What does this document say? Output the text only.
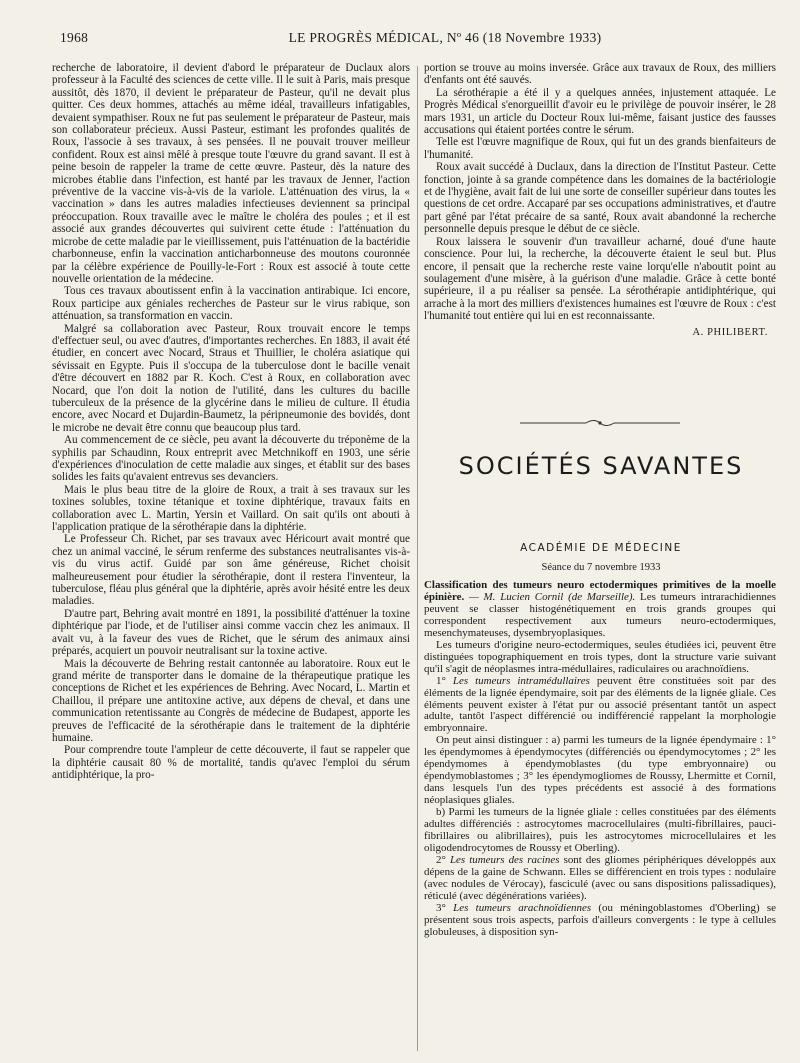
1968	LE PROGRÈS MÉDICAL, Nº 46 (18 Novembre 1933)

recherche de laboratoire, il devient d'abord le préparateur de Duclaux alors professeur à la Faculté des sciences de cette ville. Il le suit à Paris, mais presque aussitôt, dès 1870, il devient le préparateur de Pasteur, qu'il ne devait plus quitter. Ces deux hommes, attachés au même idéal, travailleurs infatigables, devaient sympathiser. Roux ne fut pas seulement le préparateur de Pasteur, mais son collaborateur précieux. Aussi Pasteur, estimant les profondes qualités de Roux, l'associe à ses travaux, à ses pensées. Il ne pouvait trouver meilleur confident. Roux est ainsi mêlé à presque toute l'œuvre du grand savant. Il est à peine besoin de rappeler la trame de cette œuvre. Pasteur, dès la nature des microbes établie dans l'infection, est hanté par les travaux de Jenner, l'action préventive de la vaccine vis-à-vis de la variole. L'atténuation des virus, la « vaccination » dans les autres maladies infectieuses deviennent sa principal préoccupation. Roux travaille avec le maître le choléra des poules ; et il est associé aux grandes découvertes qui suivirent cette étude : l'atténuation du microbe de cette maladie par le vieillissement, puis l'atténuation de la bactéridie charbonneuse, enfin la vaccination anticharbonneuse des moutons couronnée par la célèbre expérience de Pouilly-le-Fort : Roux est associé à toute cette nouvelle orientation de la médecine.

Tous ces travaux aboutissent enfin à la vaccination antirabique. Ici encore, Roux participe aux géniales recherches de Pasteur sur le virus rabique, son atténuation, sa transformation en vaccin.

Malgré sa collaboration avec Pasteur, Roux trouvait encore le temps d'effectuer seul, ou avec d'autres, d'importantes recherches. En 1883, il avait été étudier, en concert avec Nocard, Straus et Thuillier, le choléra asiatique qui sévissait en Egypte. Puis il s'occupa de la tuberculose dont le bacille venait d'être découvert en 1882 par R. Koch. C'est à Roux, en collaboration avec Nocard, que l'on doit la notion de l'utilité, dans les cultures du bacille tuberculeux de la présence de la glycérine dans le milieu de culture. Il étudia encore, avec Nocard et Dujardin-Baumetz, la péripneumonie des bovidés, dont le microbe ne devait être connu que beaucoup plus tard.

Au commencement de ce siècle, peu avant la découverte du tréponème de la syphilis par Schaudinn, Roux entreprit avec Metchnikoff en 1903, une série d'expériences d'inoculation de cette maladie aux singes, et établit sur des bases solides les faits qu'avaient entrevus ses devanciers.

Mais le plus beau titre de la gloire de Roux, a trait à ses travaux sur les toxines solubles, toxine tétanique et toxine diphtérique, travaux faits en collaboration avec L. Martin, Yersin et Vaillard. On sait qu'ils ont abouti à l'application pratique de la sérothérapie dans la diphtérie.

Le Professeur Ch. Richet, par ses travaux avec Héricourt avait montré que chez un animal vacciné, le sérum renferme des substances neutralisantes vis-à-vis du virus actif. Guidé par son âme généreuse, Richet choisit malheureusement pour étudier la sérothérapie, dont il restera l'inventeur, la tuberculose, fléau plus général que la diphtérie, après avoir hésité entre les deux maladies.

D'autre part, Behring avait montré en 1891, la possibilité d'atténuer la toxine diphtérique par l'iode, et de l'utiliser ainsi comme vaccin chez les animaux. Il avait vu, à la faveur des vues de Richet, que le sérum des animaux ainsi préparés, acquiert un pouvoir neutralisant sur la toxine active.

Mais la découverte de Behring restait cantonnée au laboratoire. Roux eut le grand mérite de transporter dans le domaine de la thérapeutique pratique les conceptions de Richet et les expériences de Behring. Avec Nocard, L. Martin et Chaillou, il prépare une antitoxine active, aux dépens de cheval, et dans une communication retentissante au Congrès de médecine de Budapest, apporte les preuves de l'efficacité de la sérothérapie dans le traitement de la diphtérie humaine.

Pour comprendre toute l'ampleur de cette découverte, il faut se rappeler que la diphtérie causait 80 % de mortalité, tandis qu'avec l'emploi du sérum antidiphtérique, la pro-

portion se trouve au moins inversée. Grâce aux travaux de Roux, des milliers d'enfants ont été sauvés.

La sérothérapie a été il y a quelques années, injustement attaquée. Le Progrès Médical s'enorgueillit d'avoir eu le privilège de pouvoir insérer, le 28 mars 1931, un article du Docteur Roux lui-même, faisant justice des fausses accusations qui étaient portées contre le sérum.

Telle est l'œuvre magnifique de Roux, qui fut un des grands bienfaiteurs de l'humanité.

Roux avait succédé à Duclaux, dans la direction de l'Institut Pasteur. Cette fonction, jointe à sa grande compétence dans les domaines de la bactériologie et de l'hygiène, avait fait de lui une sorte de conseiller supérieur dans toutes les questions de cet ordre. Accaparé par ses occupations administratives, et d'autre part gêné par l'état précaire de sa santé, Roux avait abandonné la recherche personnelle depuis presque le début de ce siècle.

Roux laissera le souvenir d'un travailleur acharné, doué d'une haute conscience. Pour lui, la recherche, la découverte étaient le seul but. Plus encore, il pensait que la recherche reste vaine lorqu'elle n'aboutit point au soulagement d'une misère, à la guérison d'une maladie. Grâce à cette bonté supérieure, il a pu réaliser sa pensée. La sérothérapie antidiphtérique, qui arrache à la mort des milliers d'existences humaines est l'œuvre de Roux : c'est l'humanité tout entière qui lui en est reconnaissante.

A. PHILIBERT.
SOCIÉTÉS SAVANTES
ACADÉMIE DE MÉDECINE
Séance du 7 novembre 1933

Classification des tumeurs neuro ectodermiques primitives de la moelle épinière. — M. Lucien Cornil (de Marseille). Les tumeurs intrarachidiennes peuvent se classer histogénétiquement en trois grands groupes qui correspondent respectivement aux tumeurs neuro-ectodermiques, mesenchymateuses, dysembryoplasiques.

Les tumeurs d'origine neuro-ectodermiques, seules étudiées ici, peuvent être distinguées topographiquement en trois types, dont la structure varie suivant qu'il s'agit de néoplasmes intra-médullaires, radiculaires ou arachnoïdiens.

1° Les tumeurs intramédullaires peuvent être constituées soit par des éléments de la lignée épendymaire, soit par des éléments de la lignée gliale. Ces éléments peuvent exister à l'état pur ou associé présentant tantôt un aspect adulte, tantôt l'aspect différencié ou indifférencié rappelant la morphologie embryonnaire.

On peut ainsi distinguer : a) parmi les tumeurs de la lignée épendymaire : 1° les épendymomes à épendymocytes (différenciés ou épendymocytomes ; 2° les épendymomes à épendymoblastes (du type embryonnaire) ou épendymoblastomes ; 3° les épendymogliomes de Roussy, Lhermitte et Cornil, dans lesquels l'un des types précédents est associé à des formations néoplasiques gliales.

b) Parmi les tumeurs de la lignée gliale : celles constituées par des éléments adultes différenciés : astrocytomes macrocellulaires (multi-fibrillaires, pauci-fibrillaires ou alibrillaires), puis les astrocytomes microcellulaires et les oligodendrocytomes de Roussy et Oberling).

2° Les tumeurs des racines sont des gliomes périphériques développés aux dépens de la gaine de Schwann. Elles se différencient en trois types : nodulaire (avec nodules de Vérocay), fasciculé (avec ou sans dispositions palissadiques), réticulé (avec dégénérations variées).

3° Les tumeurs arachnoïdiennes (ou méningoblastomes d'Oberling) se présentent sous trois aspects, parfois d'ailleurs convergents : le type à cellules globuleuses, à disposition syn-
